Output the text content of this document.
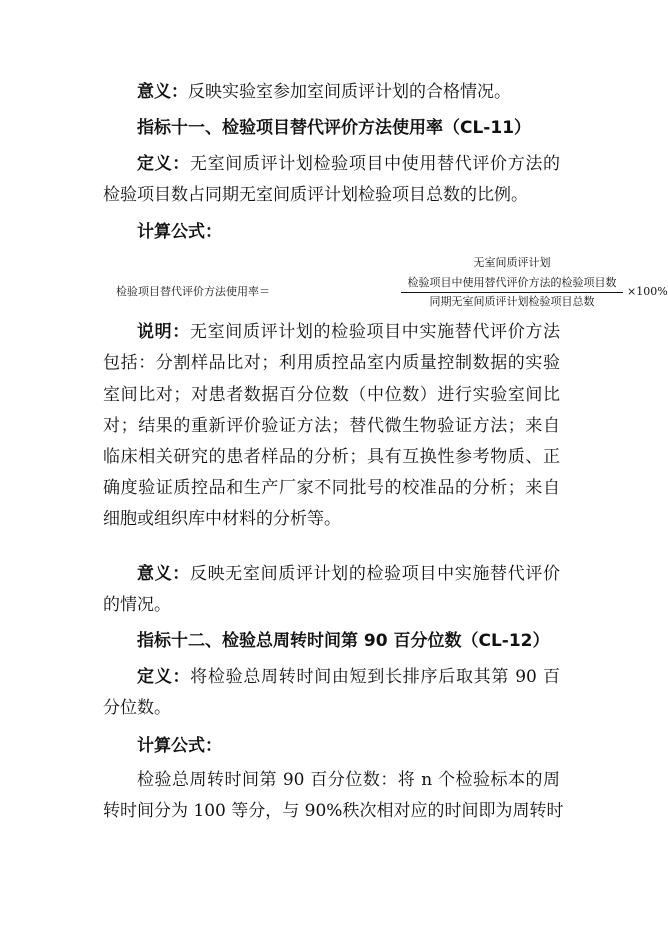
意义：反映实验室参加室间质评计划的合格情况。
指标十一、检验项目替代评价方法使用率（CL-11）
定义：无室间质评计划检验项目中使用替代评价方法的
检验项目数占同期无室间质评计划检验项目总数的比例。
计算公式：
无室间质评计划
检验项目替代评价方法使用率＝
检验项目中使用替代评价方法的检验项目数
同期无室间质评计划检验项目总数
×100%
说明：无室间质评计划的检验项目中实施替代评价方法
包括：分割样品比对；利用质控品室内质量控制数据的实验
室间比对；对患者数据百分位数（中位数）进行实验室间比
对；结果的重新评价验证方法；替代微生物验证方法；来自
临床相关研究的患者样品的分析；具有互换性参考物质、正
确度验证质控品和生产厂家不同批号的校准品的分析；来自
细胞或组织库中材料的分析等。
意义：反映无室间质评计划的检验项目中实施替代评价
的情况。
指标十二、检验总周转时间第 90 百分位数（CL-12）
定义：将检验总周转时间由短到长排序后取其第 90 百
分位数。
计算公式：
检验总周转时间第 90 百分位数：将 n 个检验标本的周
转时间分为 100 等分，与 90%秩次相对应的时间即为周转时
